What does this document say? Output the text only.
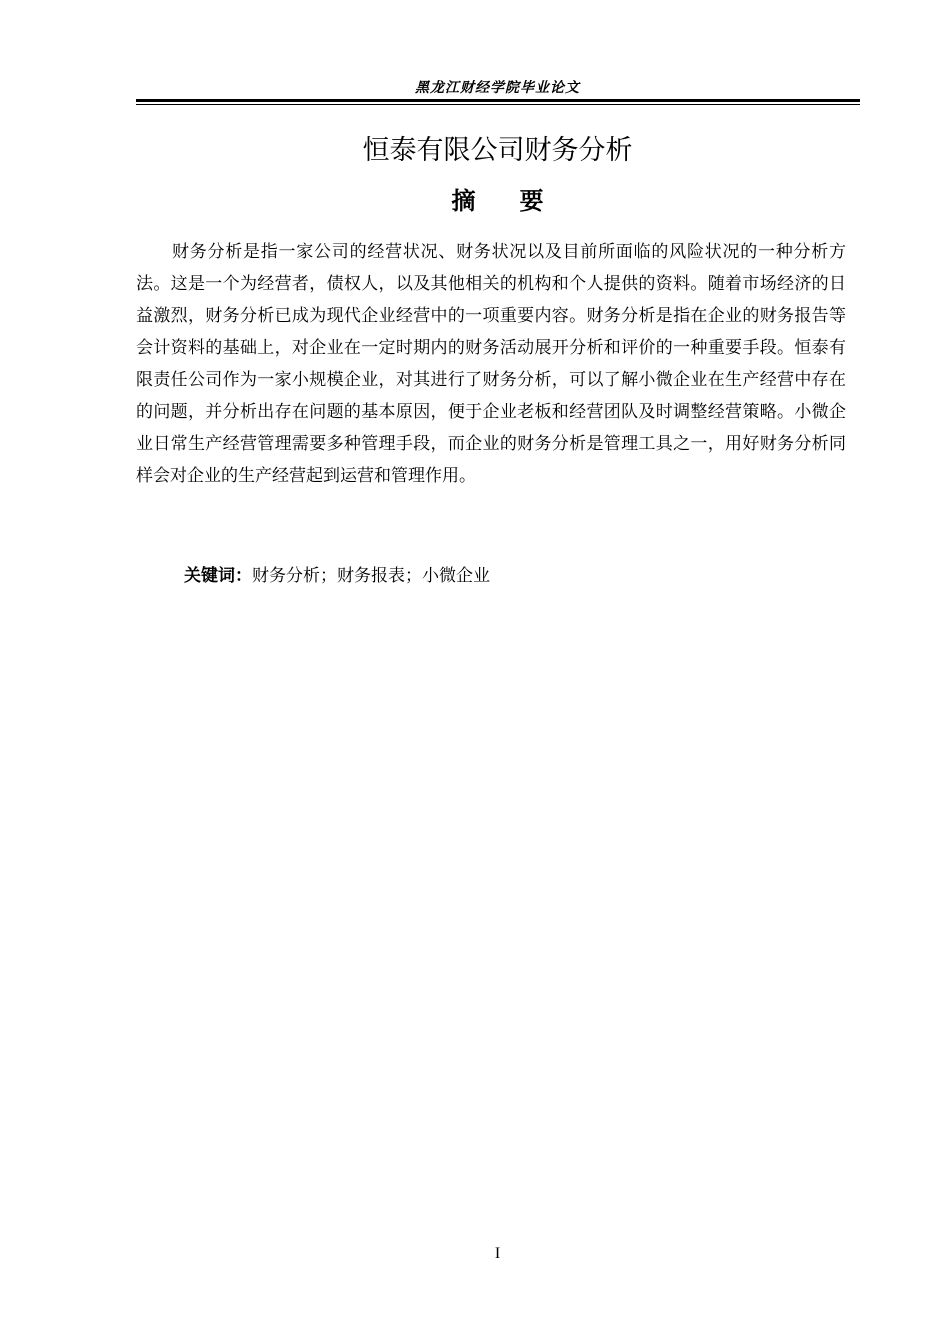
黑龙江财经学院毕业论文
恒泰有限公司财务分析
摘要

财务分析是指一家公司的经营状况、财务状况以及目前所面临的风险状况的一种分析方法。这是一个为经营者，债权人，以及其他相关的机构和个人提供的资料。随着市场经济的日益激烈，财务分析已成为现代企业经营中的一项重要内容。财务分析是指在企业的财务报告等会计资料的基础上，对企业在一定时期内的财务活动展开分析和评价的一种重要手段。恒泰有限责任公司作为一家小规模企业，对其进行了财务分析，可以了解小微企业在生产经营中存在的问题，并分析出存在问题的基本原因，便于企业老板和经营团队及时调整经营策略。小微企业日常生产经营管理需要多种管理手段，而企业的财务分析是管理工具之一，用好财务分析同样会对企业的生产经营起到运营和管理作用。

关键词：财务分析；财务报表；小微企业
I
